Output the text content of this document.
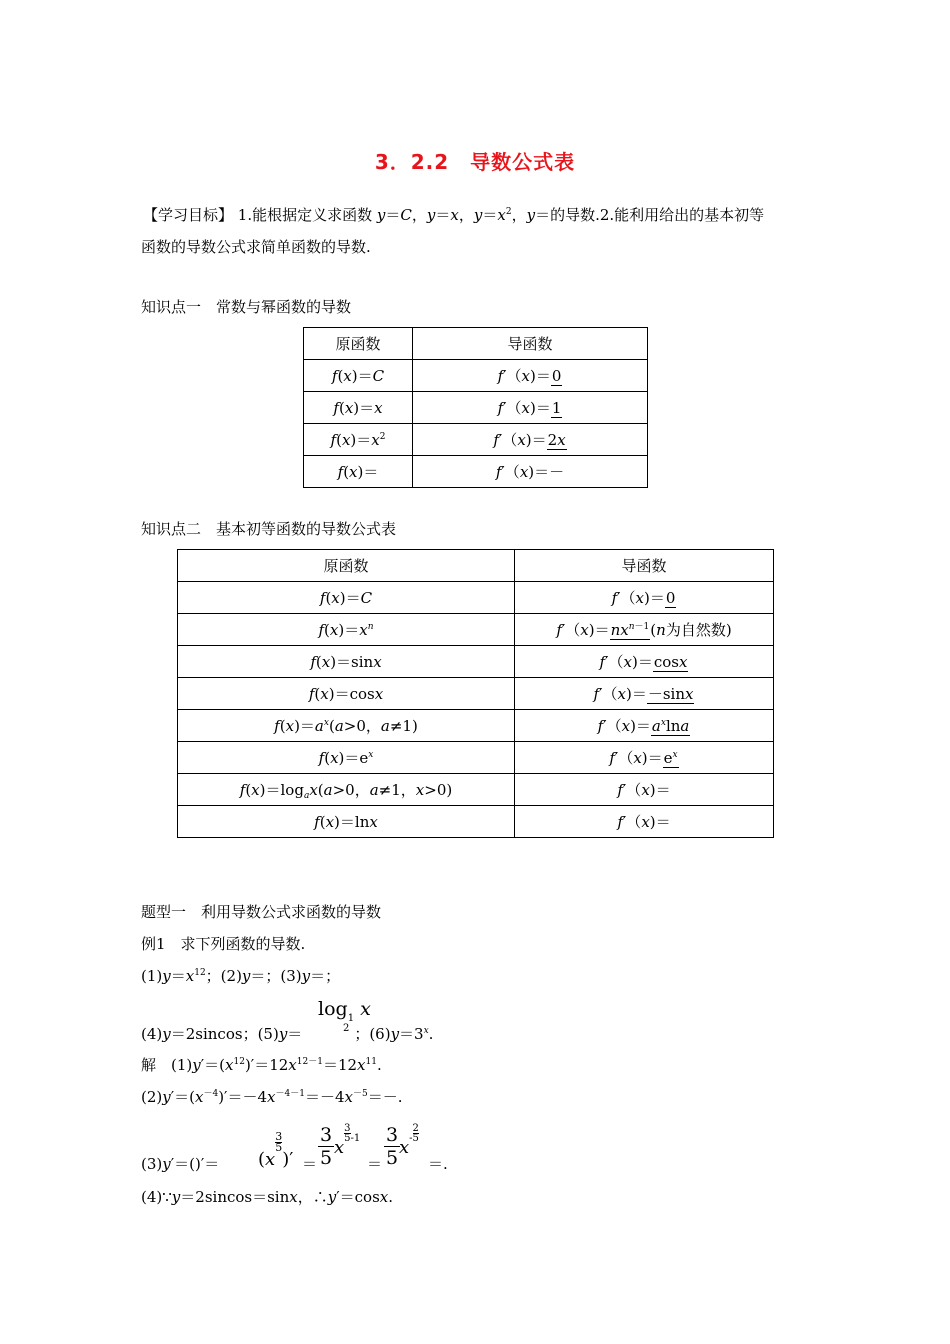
3．2.2　导数公式表
【学习目标】 1.能根据定义求函数 y＝C，y＝x，$y=x^2$，y＝的导数.2.能利用给出的基本初等
函数的导数公式求简单函数的导数.
知识点一　常数与幂函数的导数
原函数	导函数
f(x)＝C	f′（x)＝0
f(x)＝x	f′（x)＝1
$f(x)=x^2$	f′（x)＝2x
f(x)＝	f′（x)＝－
知识点二　基本初等函数的导数公式表
原函数	导函数
f(x)＝C	f′（x)＝0
$f(x)=x^n$	$f'(x)=nx^{n-1}(n$为自然数)
f(x)＝sinx	f′（x)＝cosx
f(x)＝cosx	f′（x)＝－sinx
$f(x)=a^x(a>0$，a≠1)	$f'(x)=a^x\ln a$
$f(x)=e^x$	$f'(x)=e^x$
$f(x)=\log_ax(a>0$，a≠1，x>0)	f′（x)＝
f(x)＝lnx	f′（x)＝
题型一　利用导数公式求函数的导数
例1　求下列函数的导数.
$(1)y=x^{12}$；(2)y＝；(3)y＝；
$\log_1 x$
2
(4)y＝2sincos；(5)y＝	；$(6)y=3^x$.
解　$(1)y'=(x^{12})'=12x^{12-1}=12x^{11}$.
$(2)y'=(x^{-4})'=-4x^{-4-1}=-4x^{-5}=-$.
(3)y′＝()′＝ (x
$^{\frac{3}{5}}$
)′ ＝
3
5 x
$^{\frac{3}{5} -1}$
＝
3
5 $x^{- \frac{2}{5}}$
＝.
(4)∵y＝2sincos＝sinx，∴y′＝cosx.
